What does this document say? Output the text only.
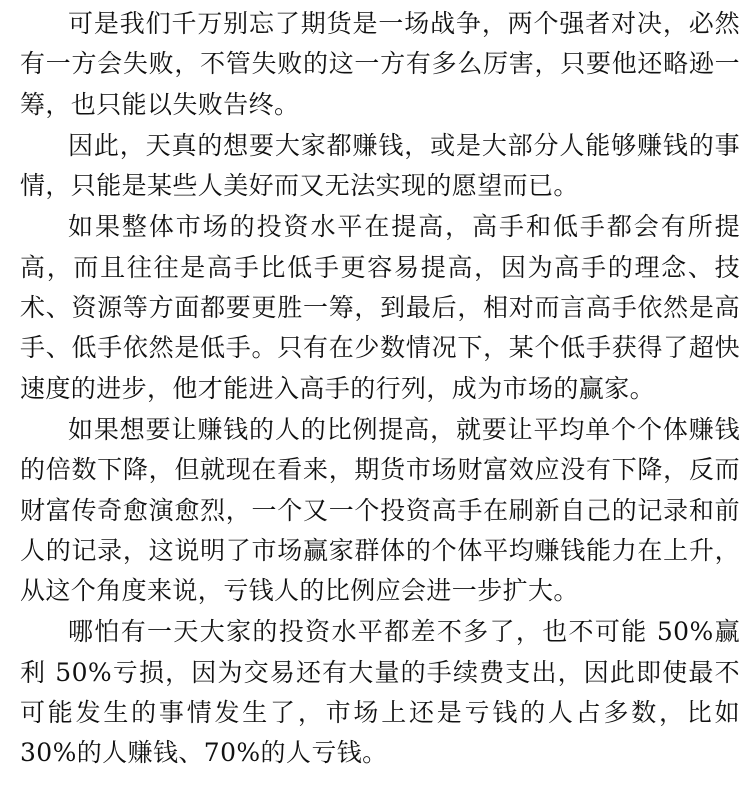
可是我们千万别忘了期货是一场战争，两个强者对决，必然有一方会失败，不管失败的这一方有多么厉害，只要他还略逊一筹，也只能以失败告终。

因此，天真的想要大家都赚钱，或是大部分人能够赚钱的事情，只能是某些人美好而又无法实现的愿望而已。

如果整体市场的投资水平在提高，高手和低手都会有所提高，而且往往是高手比低手更容易提高，因为高手的理念、技术、资源等方面都要更胜一筹，到最后，相对而言高手依然是高手、低手依然是低手。只有在少数情况下，某个低手获得了超快速度的进步，他才能进入高手的行列，成为市场的赢家。

如果想要让赚钱的人的比例提高，就要让平均单个个体赚钱的倍数下降，但就现在看来，期货市场财富效应没有下降，反而财富传奇愈演愈烈，一个又一个投资高手在刷新自己的记录和前人的记录，这说明了市场赢家群体的个体平均赚钱能力在上升，从这个角度来说，亏钱人的比例应会进一步扩大。

哪怕有一天大家的投资水平都差不多了，也不可能 50%赢利 50%亏损，因为交易还有大量的手续费支出，因此即使最不可能发生的事情发生了，市场上还是亏钱的人占多数，比如 30%的人赚钱、70%的人亏钱。
